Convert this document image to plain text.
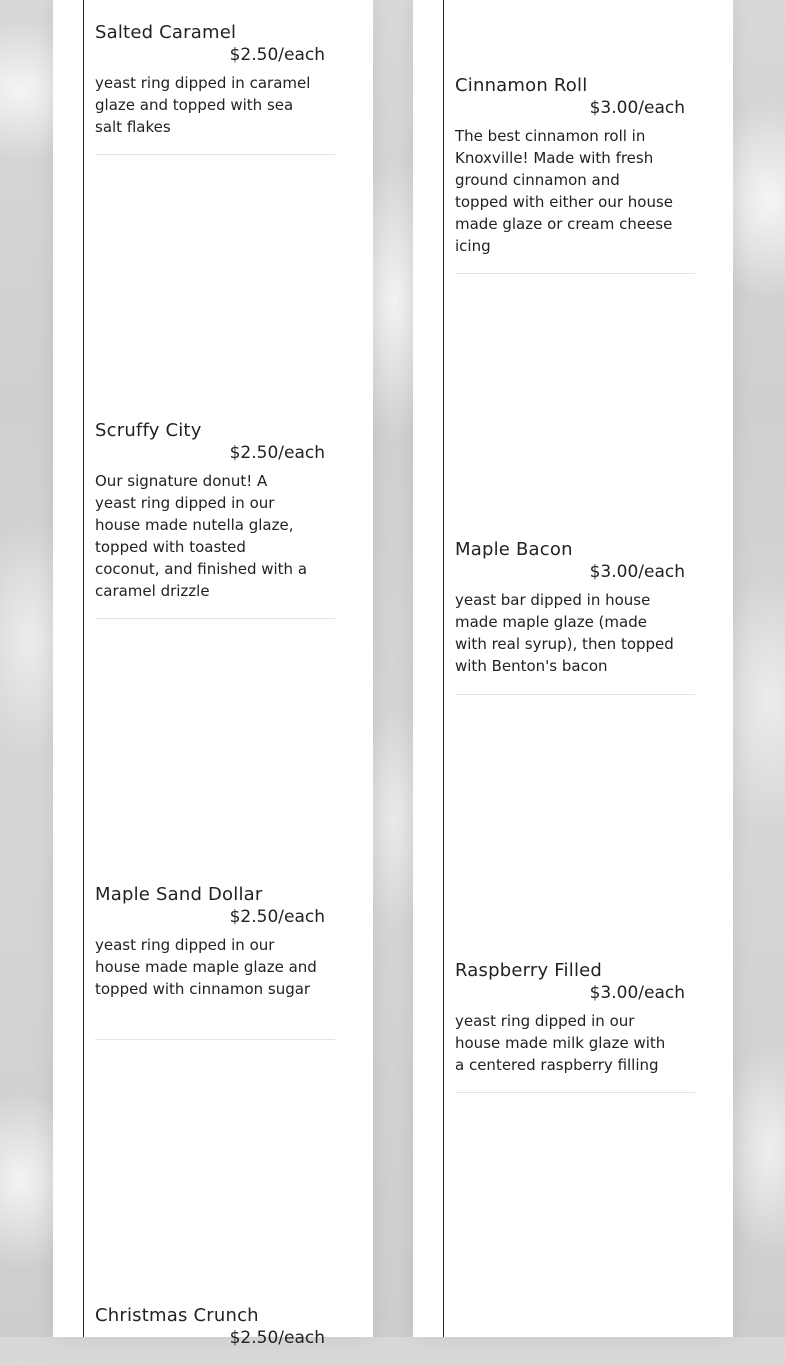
Salted Caramel
$2.50/each
yeast ring dipped in caramel glaze and topped with sea salt flakes
Scruffy City
$2.50/each
Our signature donut! A yeast ring dipped in our house made nutella glaze, topped with toasted coconut, and finished with a caramel drizzle
Maple Sand Dollar
$2.50/each
yeast ring dipped in our house made maple glaze and topped with cinnamon sugar
Christmas Crunch
$2.50/each
Cinnamon Roll
$3.00/each
The best cinnamon roll in Knoxville! Made with fresh ground cinnamon and topped with either our house made glaze or cream cheese icing
Maple Bacon
$3.00/each
yeast bar dipped in house made maple glaze (made with real syrup), then topped with Benton's bacon
Raspberry Filled
$3.00/each
yeast ring dipped in our house made milk glaze with a centered raspberry filling
